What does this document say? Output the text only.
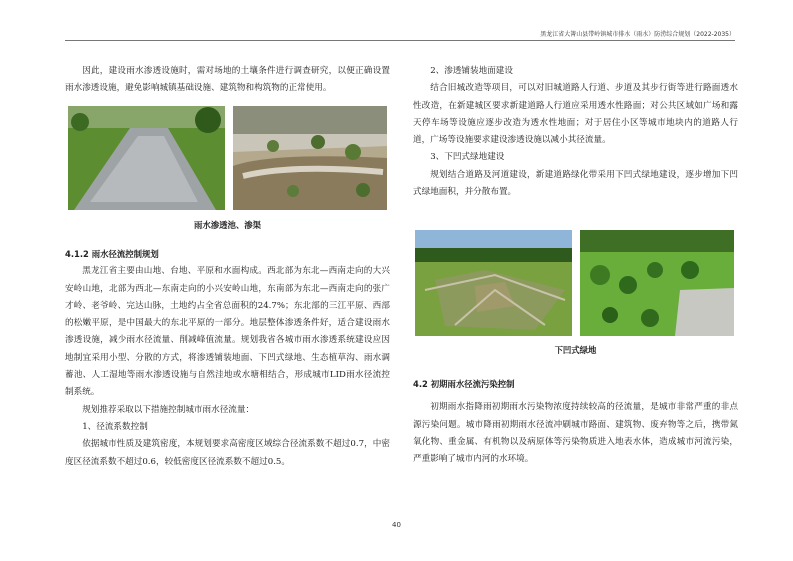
黑龙江省大箐山县带岭镇城市排水（雨水）防涝综合规划（2022-2035）

因此，建设雨水渗透设施时，需对场地的土壤条件进行调查研究，以便正确设置雨水渗透设施，避免影响城镇基础设施、建筑物和构筑物的正常使用。

雨水渗透池、渗渠

4.1.2 雨水径流控制规划

黑龙江省主要由山地、台地、平原和水面构成。西北部为东北—西南走向的大兴安岭山地，北部为西北—东南走向的小兴安岭山地，东南部为东北—西南走向的张广才岭、老爷岭、完达山脉，土地约占全省总面积的24.7%；东北部的三江平原、西部的松嫩平原，是中国最大的东北平原的一部分。地层整体渗透条件好，适合建设雨水渗透设施，减少雨水径流量、削减峰值流量。规划我省各城市雨水渗透系统建设应因地制宜采用小型、分散的方式，将渗透铺装地面、下凹式绿地、生态植草沟、雨水调蓄池、人工湿地等雨水渗透设施与自然洼地或水塘相结合，形成城市LID雨水径流控制系统。

规划推荐采取以下措施控制城市雨水径流量：

1、径流系数控制

依据城市性质及建筑密度，本规划要求高密度区域综合径流系数不超过0.7，中密度区径流系数不超过0.6，较低密度区径流系数不超过0.5。

2、渗透铺装地面建设

结合旧城改造等项目，可以对旧城道路人行道、步道及其步行街等进行路面透水性改造，在新建城区要求新建道路人行道应采用透水性路面；对公共区域如广场和露天停车场等设施应逐步改造为透水性地面；对于居住小区等城市地块内的道路人行道，广场等设施要求建设渗透设施以减小其径流量。

3、下凹式绿地建设

规划结合道路及河道建设，新建道路绿化带采用下凹式绿地建设，逐步增加下凹式绿地面积，并分散布置。

下凹式绿地

4.2 初期雨水径流污染控制

初期雨水指降雨初期雨水污染物浓度持续较高的径流量，是城市非常严重的非点源污染问题。城市降雨初期雨水径流冲刷城市路面、建筑物、废弃物等之后，携带氮氧化物、重金属、有机物以及病原体等污染物质进入地表水体，造成城市河流污染，严重影响了城市内河的水环境。

40
